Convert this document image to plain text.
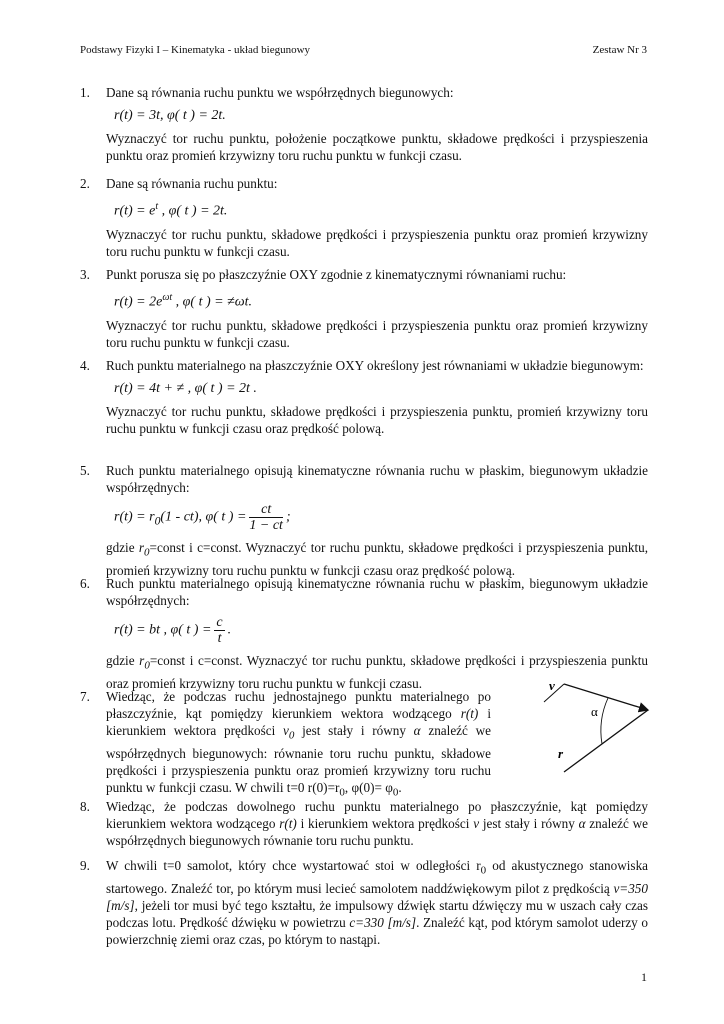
Podstawy Fizyki I – Kinematyka - układ biegunowy	Zestaw Nr 3
1. Dane są równania ruchu punktu we współrzędnych biegunowych:

r(t) = 3t, φ( t ) = 2t.

Wyznaczyć tor ruchu punktu, położenie początkowe punktu, składowe prędkości i przyspieszenia punktu oraz promień krzywizny toru ruchu punktu w funkcji czasu.

2. Dane są równania ruchu punktu:

$r(t) = e^t$ , φ( t ) = 2t.

Wyznaczyć tor ruchu punktu, składowe prędkości i przyspieszenia punktu oraz promień krzywizny toru ruchu punktu w funkcji czasu.

3. Punkt porusza się po płaszczyźnie OXY zgodnie z kinematycznymi równaniami ruchu:

$r(t) = 2e^{\omega t}$ , φ( t ) = ≠ωt.

Wyznaczyć tor ruchu punktu, składowe prędkości i przyspieszenia punktu oraz promień krzywizny toru ruchu punktu w funkcji czasu.

4. Ruch punktu materialnego na płaszczyźnie OXY określony jest równaniami w układzie biegunowym:

r(t) = 4t + ≠ , φ( t ) = 2t .

Wyznaczyć tor ruchu punktu, składowe prędkości i przyspieszenia punktu, promień krzywizny toru ruchu punktu w funkcji czasu oraz prędkość polową.

5. Ruch punktu materialnego opisują kinematyczne równania ruchu w płaskim, biegunowym układzie współrzędnych:

$r(t) = r_0(1 - ct)$, φ( t ) = $\frac{ct}{1 - ct}$ ;

gdzie $r_0=const$ i c=const. Wyznaczyć tor ruchu punktu, składowe prędkości i przyspieszenia punktu, promień krzywizny toru ruchu punktu w funkcji czasu oraz prędkość polową.

6. Ruch punktu materialnego opisują kinematyczne równania ruchu w płaskim, biegunowym układzie współrzędnych:

r(t) = bt , φ( t ) = $\frac{c}{t}$ .

gdzie $r_0=const$ i c=const. Wyznaczyć tor ruchu punktu, składowe prędkości i przyspieszenia punktu oraz promień krzywizny toru ruchu punktu w funkcji czasu.

7. Wiedząc, że podczas ruchu jednostajnego punktu materialnego po płaszczyźnie, kąt pomiędzy kierunkiem wektora wodzącego r(t) i kierunkiem wektora prędkości $v_0$ jest stały i równy α znaleźć we współrzędnych biegunowych: równanie toru ruchu punktu, składowe prędkości i przyspieszenia punktu oraz promień krzywizny toru ruchu punktu w funkcji czasu. W chwili t=0 $r(0)=r_0$, $\varphi(0)= \varphi_0$.

v
α
r
8. Wiedząc, że podczas dowolnego ruchu punktu materialnego po płaszczyźnie, kąt pomiędzy kierunkiem wektora wodzącego r(t) i kierunkiem wektora prędkości v jest stały i równy α znaleźć we współrzędnych biegunowych równanie toru ruchu punktu.

9. W chwili t=0 samolot, który chce wystartować stoi w odległości $r_0$ od akustycznego stanowiska startowego. Znaleźć tor, po którym musi lecieć samolotem naddźwiękowym pilot z prędkością v=350 [m/s], jeżeli tor musi być tego kształtu, że impulsowy dźwięk startu dźwięczy mu w uszach cały czas podczas lotu. Prędkość dźwięku w powietrzu c=330 [m/s]. Znaleźć kąt, pod którym samolot uderzy o powierzchnię ziemi oraz czas, po którym to nastąpi.

1
